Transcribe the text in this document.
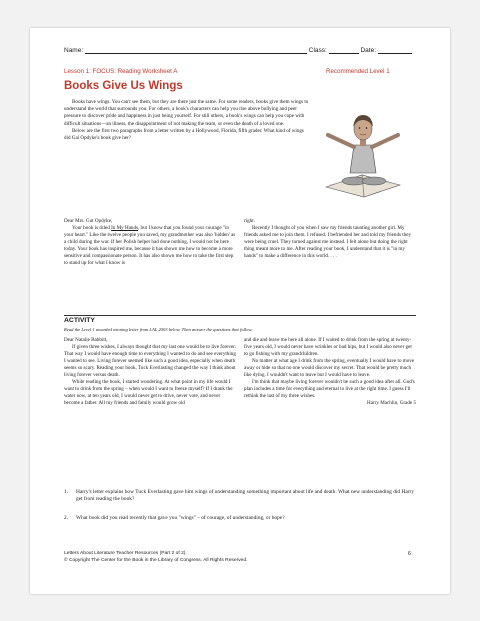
Name:	Class:	Date:
Lesson 1: FOCUS: Reading Worksheet A	Recommended Level 1
Books Give Us Wings

Books have wings. You can't see them, but they are there just the same. For some readers, books give them wings to understand the world that surrounds you. For others, a book's characters can help you rise above bullying and peer pressure to discover pride and happiness in just being yourself. For still others, a book's wings can help you cope with difficult situations—an illness, the disappointment of not making the team, or even the death of a loved one.

Below are the first two paragraphs from a letter written by a Hollywood, Florida, fifth grader. What kind of wings did Gai Opdyke's book give her?

Dear Mrs. Gut Opdyke,

Your book is titled In My Hands, but I know that you found your courage "in your heart." Like the twelve people you saved, my grandmother was also 'hidden' as a child during the war. If her Polish helper had done nothing, I would not be here today. Your book has inspired me, because it has shown me how to become a more sensitive and compassionate person. It has also shown me how to take the first step to stand up for what I know is

right.

Recently I thought of you when I saw my friends taunting another girl. My friends asked me to join them. I refused. I befriended her and told my friends they were being cruel. They turned against me instead. I felt alone but doing the right thing meant more to me. After reading your book, I understand that it is "in my hands" to make a difference in this world. . . .

ACTIVITY
Read the Level 1 awarded winning letter from LAL 2003 below. Then answer the questions that follow.

Dear Natalie Babbitt,

If given three wishes, I always thought that my last one would be to live forever. That way I would have enough time to everything I wanted to do and see everything I wanted to see. Living forever seemed like such a good idea, especially when death seems so scary. Reading your book, Tuck Everlasting changed the way I think about living forever versus death.

While reading the book, I started wondering. At what point in my life would I want to drink from the spring – when would I want to freeze myself? If I drank the water now, at ten years old, I would never get to drive, never vote, and never become a father. All my friends and family would grow old

and die and leave me here all alone. If I waited to drink from the spring at twenty-five years old, I would never have wrinkles or bad hips, but I would also never get to go fishing with my grandchildren.

No matter at what age I drink from the spring, eventually I would have to move away or hide so that no one would discover my secret. That would be pretty much like dying. I wouldn't want to leave but I would have to leave.

I'm think that maybe living forever wouldn't be such a good idea after all. God's plan includes a time for everything and eternal to live at the right time. I guess I'll rethink the last of my three wishes.

Harry Machlin, Grade 5

1. Harry's letter explains how Tuck Everlasting gave him wings of understanding something important about life and death. What new understanding did Harry get from reading the book?
2. What book did you read recently that gave you "wings" – of courage, of understanding, or hope?
Letters About Literature Teacher Resources (Part 2 of 2).
© Copyright The Center for the Book in the Library of Congress. All Rights Reserved.
6
